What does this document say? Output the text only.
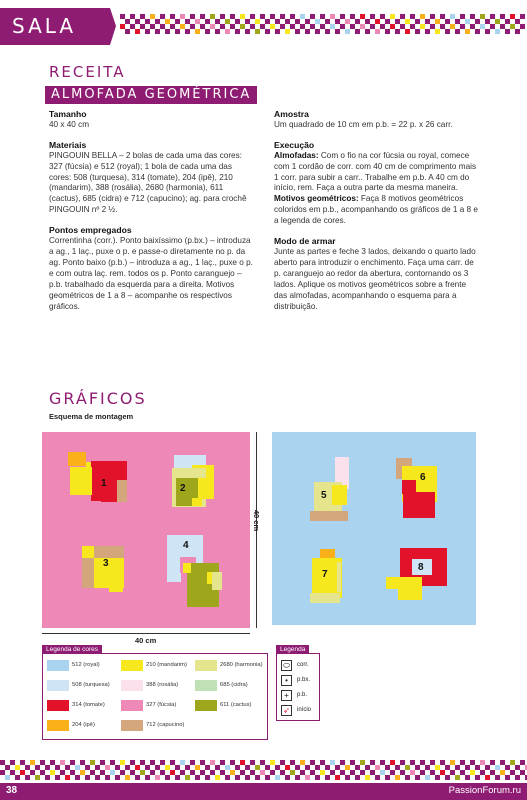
SALA
RECEITA
ALMOFADA GEOMÉTRICA
Tamanho

40 x 40 cm

Materiais

PINGOUIN BELLA – 2 bolas de cada uma das cores: 327 (fúcsia) e 512 (royal); 1 bola de cada uma das cores: 508 (turquesa), 314 (tomate), 204 (ipê), 210 (mandarim), 388 (rosália), 2680 (harmonia), 611 (cactus), 685 (cidra) e 712 (capucino); ag. para crochê PINGOUIN nº 2 ½.

Pontos empregados

Correntinha (corr.). Ponto baixíssimo (p.bx.) – introduza a ag., 1 laç., puxe o p. e passe-o diretamente no p. da ag. Ponto baixo (p.b.) – introduza a ag., 1 laç., puxe o p. e com outra laç. rem. todos os p. Ponto caranguejo – p.b. trabalhado da esquerda para a direita. Motivos geométricos de 1 a 8 – acompanhe os respectivos gráficos.

Amostra

Um quadrado de 10 cm em p.b. = 22 p. x 26 carr.

Execução

Almofadas: Com o fio na cor fúcsia ou royal, comece com 1 cordão de corr. com 40 cm de comprimento mais 1 corr. para subir a carr.. Trabalhe em p.b. A 40 cm do início, rem. Faça a outra parte da mesma maneira.
Motivos geométricos: Faça 8 motivos geométricos coloridos em p.b., acompanhando os gráficos de 1 a 8 e a legenda de cores.

Modo de armar

Junte as partes e feche 3 lados, deixando o quarto lado aberto para introduzir o enchimento. Faça uma carr. de p. caranguejo ao redor da abertura, contornando os 3 lados. Aplique os motivos geométricos sobre a frente das almofadas, acompanhando o esquema para a distribuição.

GRÁFICOS
Esquema de montagem
1	2
3
4
40 cm
40 cm
5
6
7
8
Legenda de cores
512 (royal)	210 (mandarim)	2680 (harmonia)
508 (turquesa)	388 (rosália)	685 (cidra)
314 (tomate)	327 (fúcsia)	611 (cactus)
204 (ipê)	712 (capucino)
Legenda
⬭	corr.
•	p.bx.
+	p.b.
➶	início
38	PassionForum.ru
